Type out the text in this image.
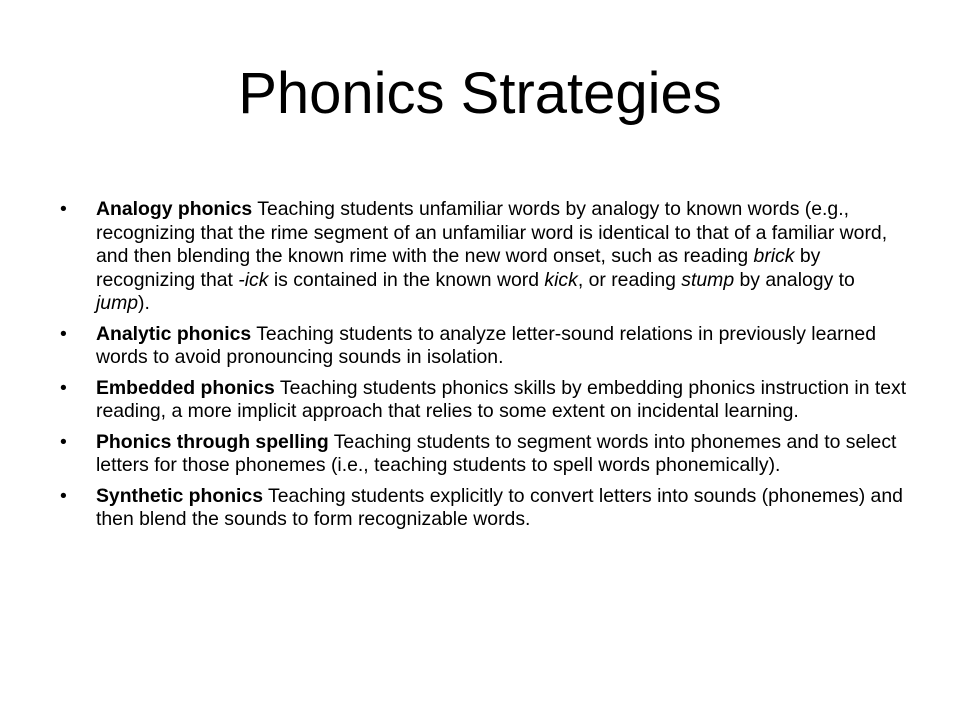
Phonics Strategies
•	Analogy phonics Teaching students unfamiliar words by analogy to known words (e.g., recognizing that the rime segment of an unfamiliar word is identical to that of a familiar word, and then blending the known rime with the new word onset, such as reading brick by recognizing that -ick is contained in the known word kick, or reading stump by analogy to jump).
•	Analytic phonics Teaching students to analyze letter-sound relations in previously learned words to avoid pronouncing sounds in isolation.
•	Embedded phonics Teaching students phonics skills by embedding phonics instruction in text reading, a more implicit approach that relies to some extent on incidental learning.
•	Phonics through spelling Teaching students to segment words into phonemes and to select letters for those phonemes (i.e., teaching students to spell words phonemically).
•	Synthetic phonics Teaching students explicitly to convert letters into sounds (phonemes) and then blend the sounds to form recognizable words.
